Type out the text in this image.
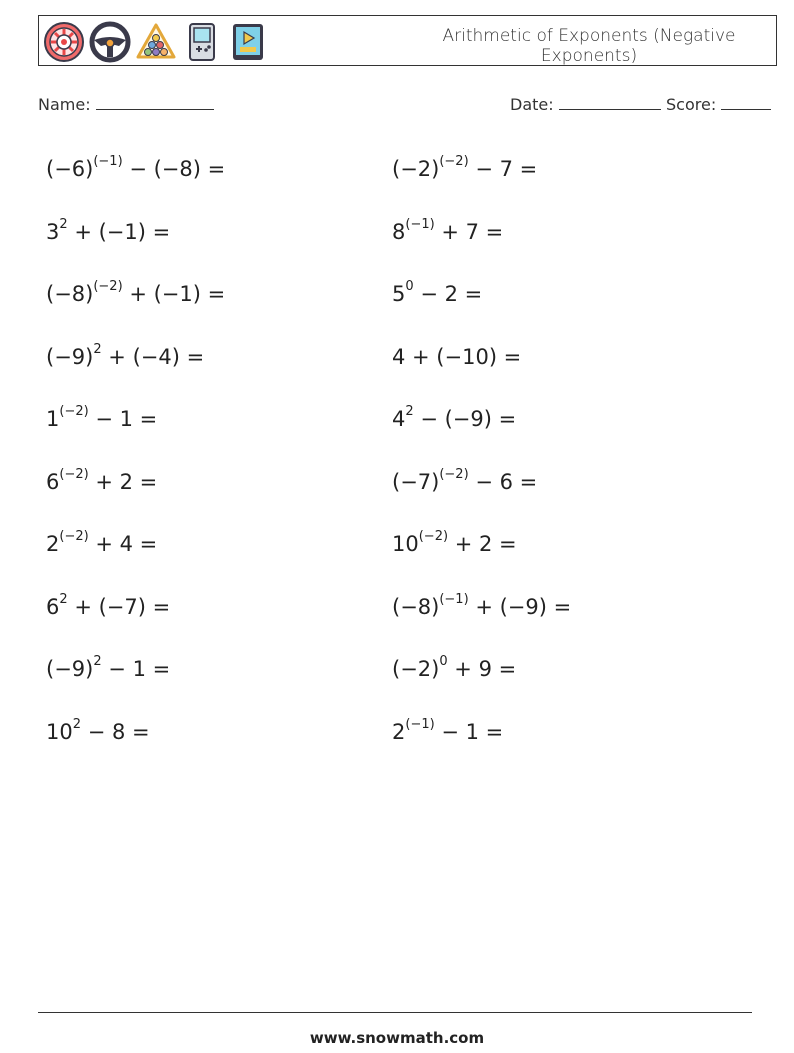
Arithmetic of Exponents (Negative Exponents)
Name:	Date:	Score:
$(-6)^{(-1)} - (-8)$ =	$(-2)^{(-2)} - 7$ =
$3^2 + (-1)$ =	$8^{(-1)} + 7$ =
$(-8)^{(-2)} + (-1)$ =	$5^0 - 2$ =
$(-9)^2 + (-4)$ =	4 + (−10) =
$1^{(-2)} - 1$ =	$4^2 - (-9)$ =
$6^{(-2)} + 2$ =	$(-7)^{(-2)} - 6$ =
$2^{(-2)} + 4$ =	$10^{(-2)} + 2$ =
$6^2 + (-7)$ =	$(-8)^{(-1)} + (-9)$ =
$(-9)^2 - 1$ =	$(-2)^0 + 9$ =
$10^2 - 8$ =	$2^{(-1)} - 1$ =
www.snowmath.com
